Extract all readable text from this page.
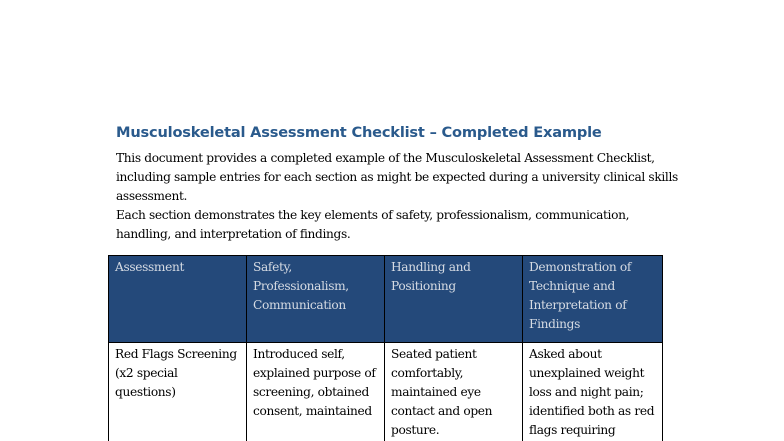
Musculoskeletal Assessment Checklist – Completed Example

This document provides a completed example of the Musculoskeletal Assessment Checklist, including sample entries for each section as might be expected during a university clinical skills assessment.

Each section demonstrates the key elements of safety, professionalism, communication, handling, and interpretation of findings.

Assessment	Safety, Professionalism, Communication	Handling and Positioning	Demonstration of Technique and Interpretation of Findings
Red Flags Screening (x2 special questions)	Introduced self, explained purpose of screening, obtained consent, maintained	Seated patient comfortably, maintained eye contact and open posture.	Asked about unexplained weight loss and night pain; identified both as red flags requiring
